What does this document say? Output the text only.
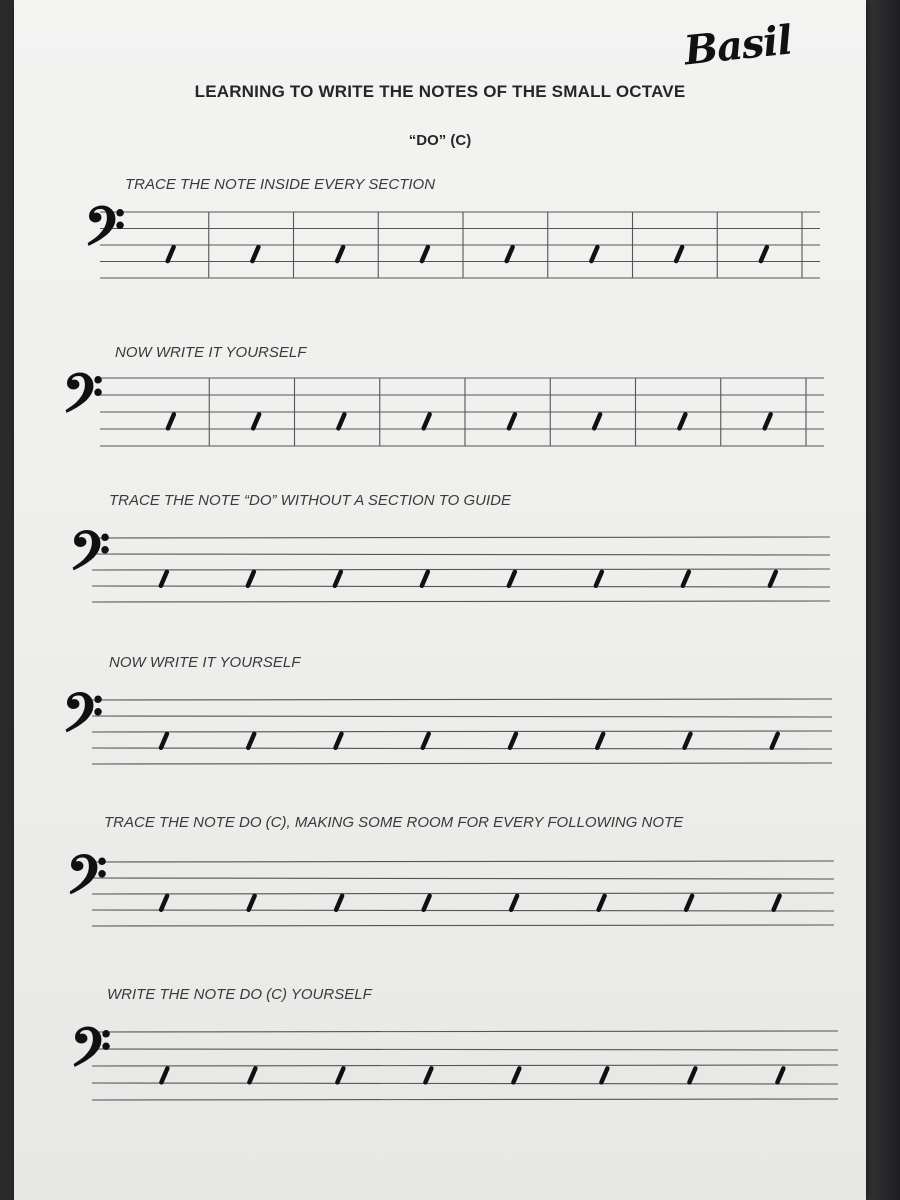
Basil
LEARNING TO WRITE THE NOTES OF THE SMALL OCTAVE
“DO” (C)
TRACE THE NOTE INSIDE EVERY SECTION
NOW WRITE IT YOURSELF
TRACE THE NOTE “DO” WITHOUT A SECTION TO GUIDE
NOW WRITE IT YOURSELF
TRACE THE NOTE DO (C), MAKING SOME ROOM FOR EVERY FOLLOWING NOTE
WRITE THE NOTE DO (C) YOURSELF
𝄢
𝄢
𝄢
𝄢
𝄢
𝄢
